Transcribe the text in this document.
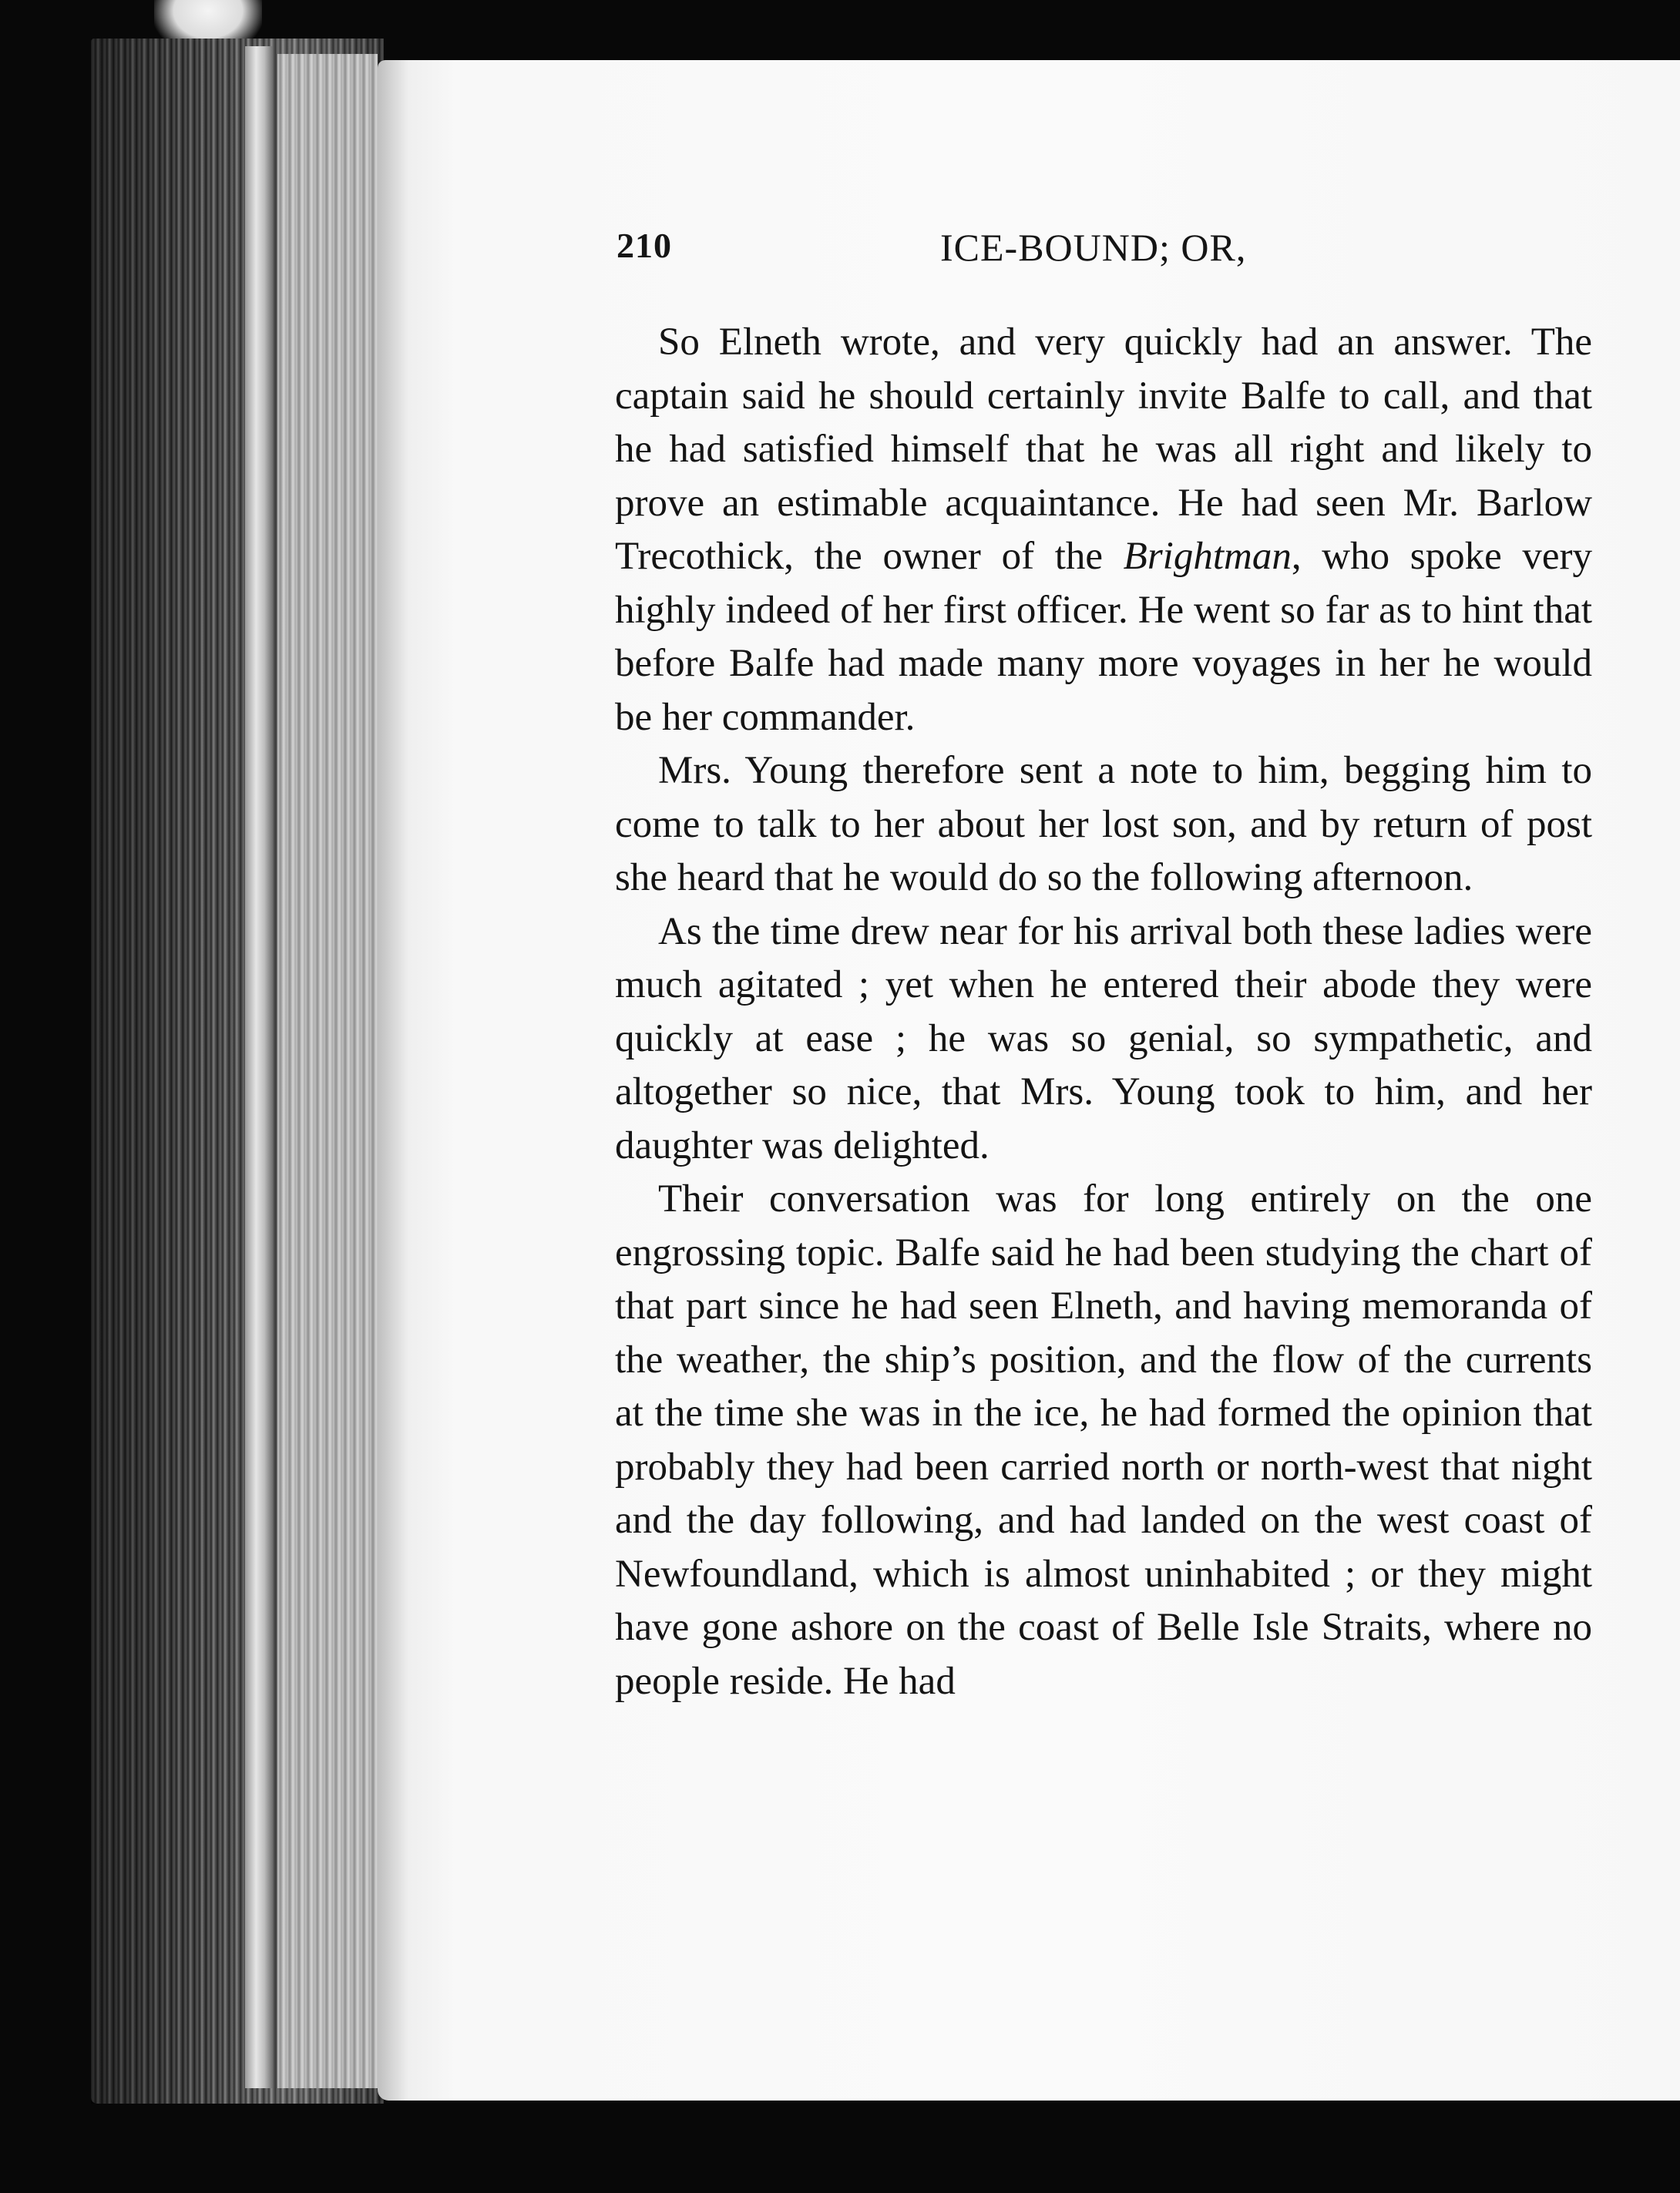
210	ICE-BOUND; OR,

So Elneth wrote, and very quickly had an answer. The captain said he should certainly invite Balfe to call, and that he had satisfied himself that he was all right and likely to prove an estimable acquaintance. He had seen Mr. Barlow Trecothick, the owner of the Brightman, who spoke very highly indeed of her first officer. He went so far as to hint that before Balfe had made many more voyages in her he would be her commander.

Mrs. Young therefore sent a note to him, begging him to come to talk to her about her lost son, and by return of post she heard that he would do so the following afternoon.

As the time drew near for his arrival both these ladies were much agitated ; yet when he entered their abode they were quickly at ease ; he was so genial, so sympathetic, and altogether so nice, that Mrs. Young took to him, and her daughter was delighted.

Their conversation was for long entirely on the one engrossing topic. Balfe said he had been studying the chart of that part since he had seen Elneth, and having memoranda of the weather, the ship’s position, and the flow of the currents at the time she was in the ice, he had formed the opinion that probably they had been carried north or north-west that night and the day following, and had landed on the west coast of Newfoundland, which is almost uninhabited ; or they might have gone ashore on the coast of Belle Isle Straits, where no people reside. He had
